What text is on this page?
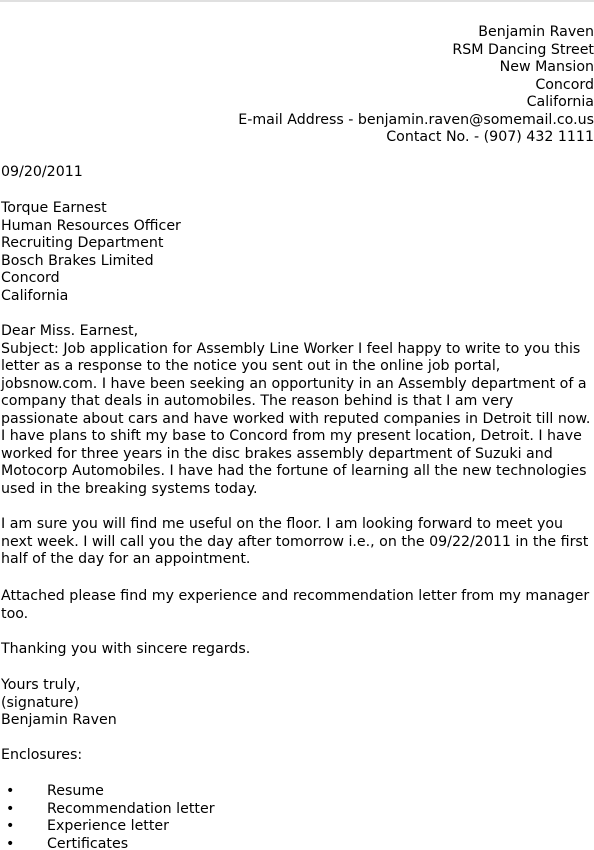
Benjamin Raven
RSM Dancing Street
New Mansion
Concord
California
E-mail Address - benjamin.raven@somemail.co.us
Contact No. - (907) 432 1111
09/20/2011
Torque Earnest
Human Resources Officer
Recruiting Department
Bosch Brakes Limited
Concord
California
Dear Miss. Earnest,
Subject: Job application for Assembly Line Worker I feel happy to write to you this letter as a response to the notice you sent out in the online job portal, jobsnow.com. I have been seeking an opportunity in an Assembly department of a company that deals in automobiles. The reason behind is that I am very passionate about cars and have worked with reputed companies in Detroit till now. I have plans to shift my base to Concord from my present location, Detroit. I have worked for three years in the disc brakes assembly department of Suzuki and Motocorp Automobiles. I have had the fortune of learning all the new technologies used in the breaking systems today.
I am sure you will find me useful on the floor. I am looking forward to meet you next week. I will call you the day after tomorrow i.e., on the 09/22/2011 in the first half of the day for an appointment.
Attached please find my experience and recommendation letter from my manager too.
Thanking you with sincere regards.
Yours truly,
(signature)
Benjamin Raven
Enclosures:
• Resume
• Recommendation letter
• Experience letter
• Certificates
